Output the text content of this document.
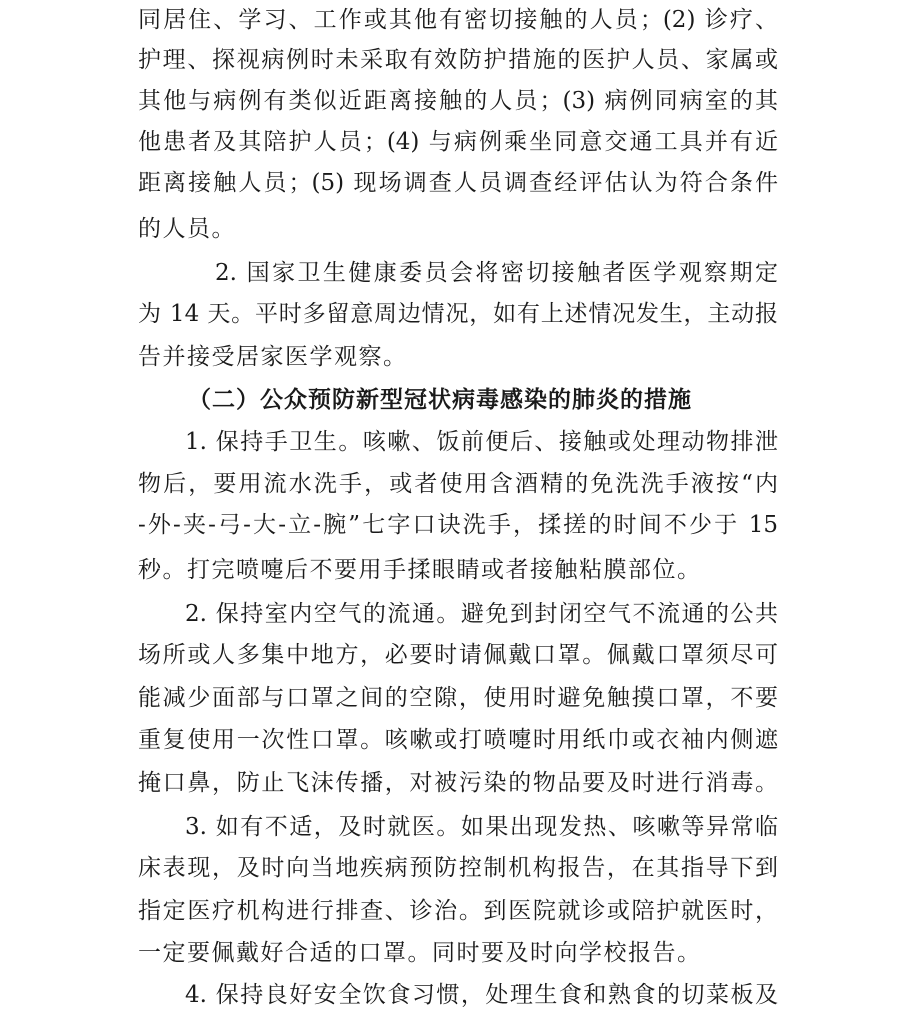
同居住、学习、工作或其他有密切接触的人员；(2) 诊疗、
护理、探视病例时未采取有效防护措施的医护人员、家属或
其他与病例有类似近距离接触的人员；(3) 病例同病室的其
他患者及其陪护人员；(4) 与病例乘坐同意交通工具并有近
距离接触人员；(5) 现场调查人员调查经评估认为符合条件
的人员。
2. 国家卫生健康委员会将密切接触者医学观察期定
为 14 天。平时多留意周边情况，如有上述情况发生，主动报
告并接受居家医学观察。
（二）公众预防新型冠状病毒感染的肺炎的措施
1. 保持手卫生。咳嗽、饭前便后、接触或处理动物排泄
物后，要用流水洗手，或者使用含酒精的免洗洗手液按“内
-外-夹-弓-大-立-腕”七字口诀洗手，揉搓的时间不少于 15
秒。打完喷嚏后不要用手揉眼睛或者接触粘膜部位。
2. 保持室内空气的流通。避免到封闭空气不流通的公共
场所或人多集中地方，必要时请佩戴口罩。佩戴口罩须尽可
能减少面部与口罩之间的空隙，使用时避免触摸口罩，不要
重复使用一次性口罩。咳嗽或打喷嚏时用纸巾或衣袖内侧遮
掩口鼻，防止飞沫传播，对被污染的物品要及时进行消毒。
3. 如有不适，及时就医。如果出现发热、咳嗽等异常临
床表现，及时向当地疾病预防控制机构报告，在其指导下到
指定医疗机构进行排查、诊治。到医院就诊或陪护就医时，
一定要佩戴好合适的口罩。同时要及时向学校报告。
4. 保持良好安全饮食习惯，处理生食和熟食的切菜板及
